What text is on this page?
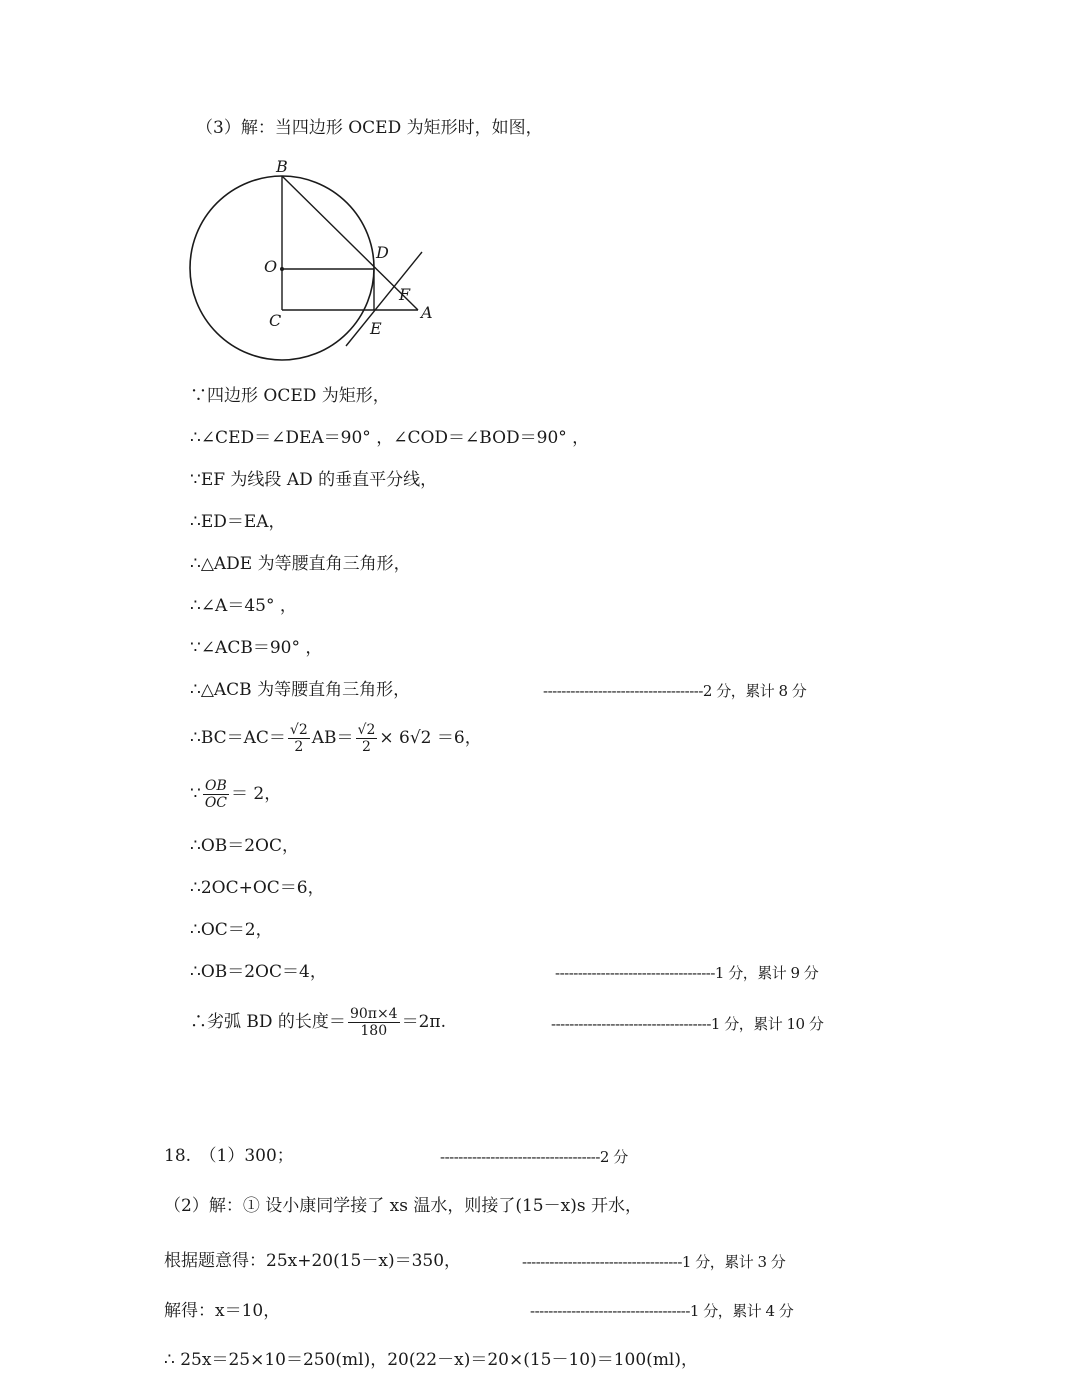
（3）解：当四边形 OCED 为矩形时，如图，
B
O
D
F
A
C	E
∵四边形 OCED 为矩形，
∴∠CED＝∠DEA＝90° ，∠COD＝∠BOD＝90° ，
∵EF 为线段 AD 的垂直平分线，
∴ED＝EA，
∴△ADE 为等腰直角三角形，
∴∠A＝45° ，
∵∠ACB＝90° ，
∴△ACB 为等腰直角三角形，	-----------------------------------2 分，累计 8 分
∴BC＝AC＝ $\frac{√2}{2} AB= \frac{√2}{2} \times 6√2 =6$，
∵ $\frac{OB}{OC} = 2$，
∴OB＝2OC，
∴2OC+OC＝6，
∴OC＝2，
∴OB＝2OC＝4，	-----------------------------------1 分，累计 9 分
∴劣弧 BD 的长度＝ $\frac{90\pi\times 4}{180} =2\pi$.	-----------------------------------1 分，累计 10 分
18.　（1）300；	-----------------------------------2 分
（2）解：① 设小康同学接了 xs 温水，则接了(15－x)s 开水，
根据题意得：25x+20(15－x)＝350，	-----------------------------------1 分，累计 3 分
解得：x＝10，	-----------------------------------1 分，累计 4 分
∴ 25x＝25×10＝250(ml)，20(22－x)＝20×(15－10)＝100(ml)，
